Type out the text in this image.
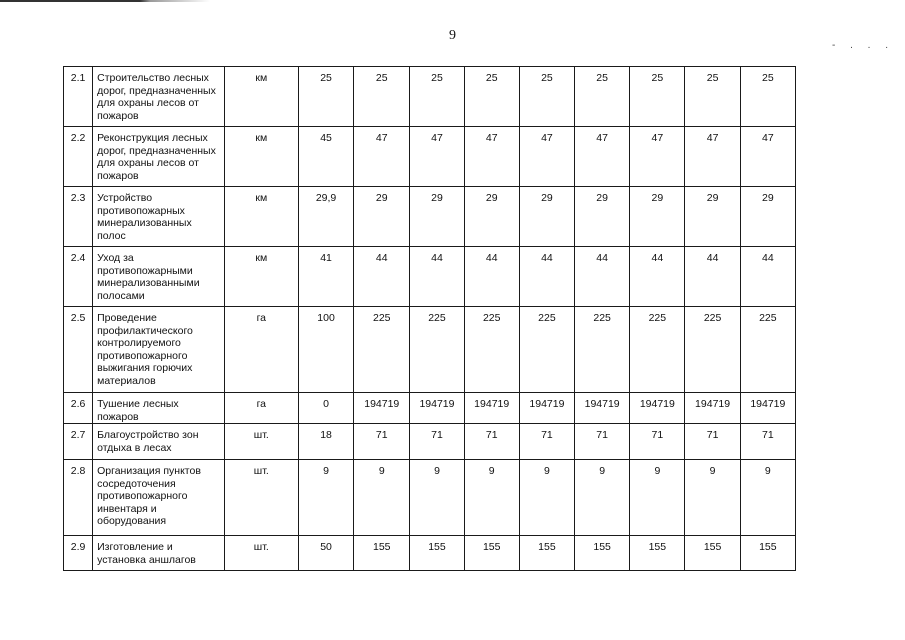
9
- . . .
2.1	Строительство лесных дорог, предназначенных для охраны лесов от пожаров	км	25	25	25	25	25	25	25	25	25
2.2	Реконструкция лесных дорог, предназначенных для охраны лесов от пожаров	км	45	47	47	47	47	47	47	47	47
2.3	Устройство противопожарных минерализованных полос	км	29,9	29	29	29	29	29	29	29	29
2.4	Уход за противопожарными минерализованными полосами	км	41	44	44	44	44	44	44	44	44
2.5	Проведение профилактического контролируемого противопожарного выжигания горючих материалов	га	100	225	225	225	225	225	225	225	225
2.6	Тушение лесных пожаров	га	0	194719	194719	194719	194719	194719	194719	194719	194719
2.7	Благоустройство зон отдыха в лесах	шт.	18	71	71	71	71	71	71	71	71
2.8	Организация пунктов сосредоточения противопожарного инвентаря и оборудования	шт.	9	9	9	9	9	9	9	9	9
2.9	Изготовление и установка аншлагов	шт.	50	155	155	155	155	155	155	155	155
